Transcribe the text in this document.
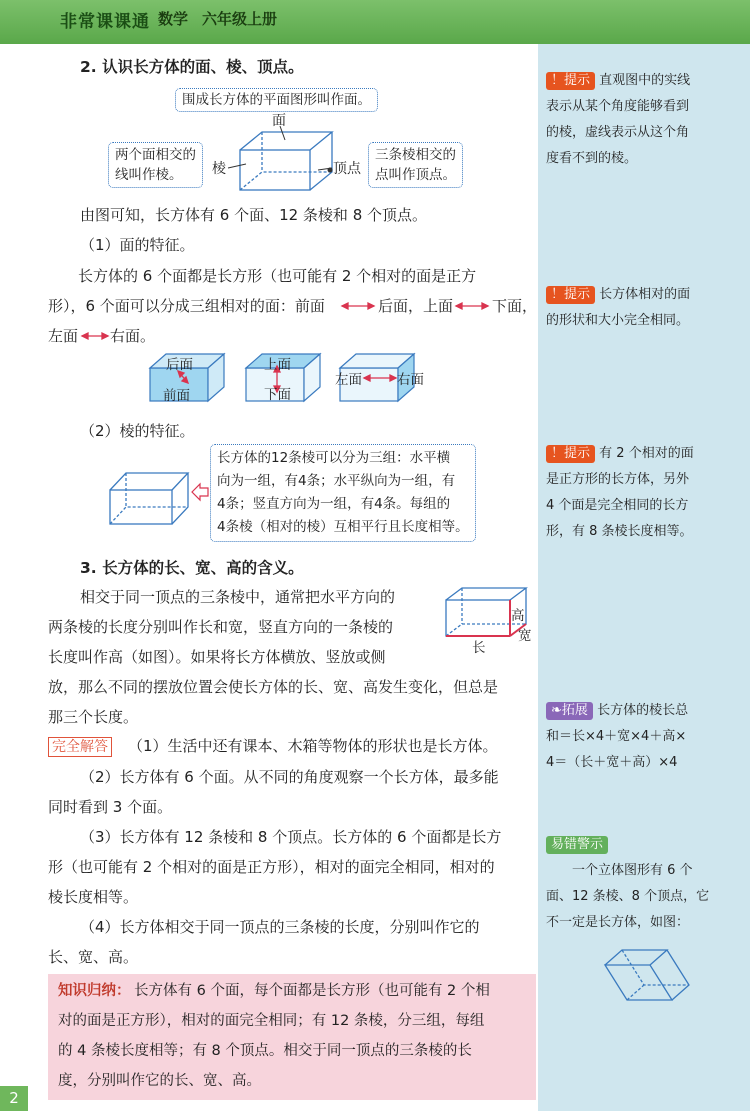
非常课课通 数学 六年级上册
2. 认识长方体的面、棱、顶点。
围成长方体的平面图形叫作面。
面
两个面相交的
线叫作棱。	棱	顶点
三条棱相交的
点叫作顶点。
由图可知，长方体有 6 个面、12 条棱和 8 个顶点。
（1）面的特征。
长方体的 6 个面都是长方形（也可能有 2 个相对的面是正方
形），6 个面可以分成三组相对的面：前面	后面，上面	下面，
左面 右面。
后面
前面
上面
下面
左面	右面
（2）棱的特征。
长方体的12条棱可以分为三组：水平横
向为一组，有4条；水平纵向为一组，有
4条；竖直方向为一组，有4条。每组的
4条棱（相对的棱）互相平行且长度相等。
3. 长方体的长、宽、高的含义。
相交于同一顶点的三条棱中，通常把水平方向的
两条棱的长度分别叫作长和宽，竖直方向的一条棱的
长度叫作高（如图）。如果将长方体横放、竖放或侧
放，那么不同的摆放位置会使长方体的长、宽、高发生变化，但总是
那三个长度。
高
宽
长
完全解答 （1）生活中还有课本、木箱等物体的形状也是长方体。
（2）长方体有 6 个面。从不同的角度观察一个长方体，最多能
同时看到 3 个面。
（3）长方体有 12 条棱和 8 个顶点。长方体的 6 个面都是长方
形（也可能有 2 个相对的面是正方形），相对的面完全相同，相对的
棱长度相等。
（4）长方体相交于同一顶点的三条棱的长度，分别叫作它的
长、宽、高。
知识归纳： 长方体有 6 个面，每个面都是长方形（也可能有 2 个相
对的面是正方形），相对的面完全相同；有 12 条棱，分三组，每组
的 4 条棱长度相等；有 8 个顶点。相交于同一顶点的三条棱的长
度，分别叫作它的长、宽、高。
2
！提示 直观图中的实线
表示从某个角度能够看到
的棱，虚线表示从这个角
度看不到的棱。
！提示 长方体相对的面
的形状和大小完全相同。
！提示 有 2 个相对的面
是正方形的长方体，另外
4 个面是完全相同的长方
形，有 8 条棱长度相等。
❧拓展 长方体的棱长总
和＝长×4＋宽×4＋高×
4＝（长＋宽＋高）×4
易错警示
一个立体图形有 6 个
面、12 条棱、8 个顶点，它
不一定是长方体，如图：
